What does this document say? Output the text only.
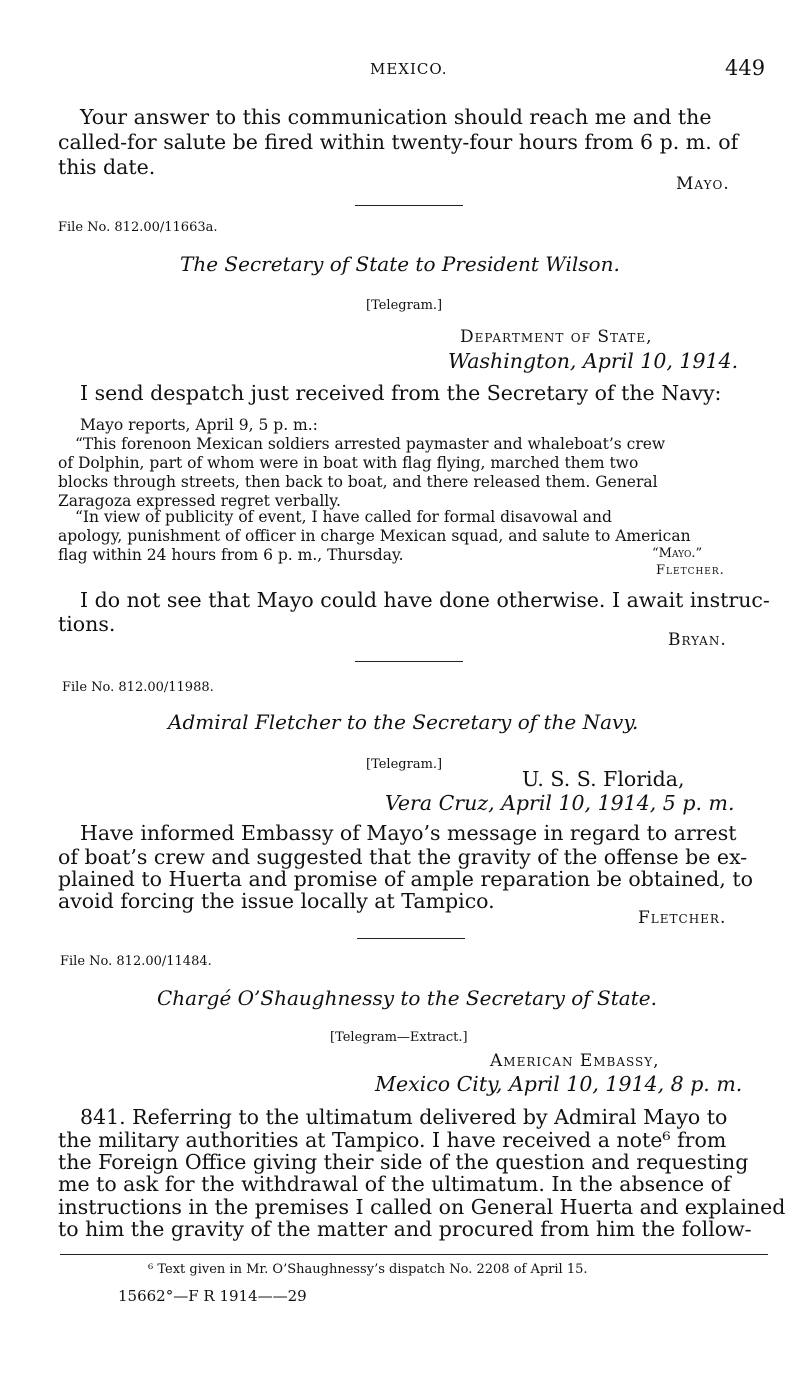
MEXICO.	449
Your answer to this communication should reach me and the
called-for salute be fired within twenty-four hours from 6 p. m. of
this date.
Mayo.
File No. 812.00/11663a.
The Secretary of State to President Wilson.
[Telegram.]
Department of State,
Washington, April 10, 1914.
I send despatch just received from the Secretary of the Navy:
Mayo reports, April 9, 5 p. m.:
“This forenoon Mexican soldiers arrested paymaster and whaleboat’s crew
of Dolphin, part of whom were in boat with flag flying, marched them two
blocks through streets, then back to boat, and there released them. General
Zaragoza expressed regret verbally.
“In view of publicity of event, I have called for formal disavowal and
apology, punishment of officer in charge Mexican squad, and salute to American
flag within 24 hours from 6 p. m., Thursday.	“Mayo.”
Fletcher.
I do not see that Mayo could have done otherwise. I await instruc-
tions.
Bryan.
File No. 812.00/11988.
Admiral Fletcher to the Secretary of the Navy.
[Telegram.]
U. S. S. Florida,
Vera Cruz, April 10, 1914, 5 p. m.
Have informed Embassy of Mayo’s message in regard to arrest
of boat’s crew and suggested that the gravity of the offense be ex-
plained to Huerta and promise of ample reparation be obtained, to
avoid forcing the issue locally at Tampico.
Fletcher.
File No. 812.00/11484.
Chargé O’Shaughnessy to the Secretary of State.
[Telegram—Extract.]
American Embassy,
Mexico City, April 10, 1914, 8 p. m.
841. Referring to the ultimatum delivered by Admiral Mayo to
the military authorities at Tampico. I have received a note⁶ from
the Foreign Office giving their side of the question and requesting
me to ask for the withdrawal of the ultimatum. In the absence of
instructions in the premises I called on General Huerta and explained
to him the gravity of the matter and procured from him the follow-
⁶ Text given in Mr. O’Shaughnessy’s dispatch No. 2208 of April 15.
15662°—F R 1914——29
